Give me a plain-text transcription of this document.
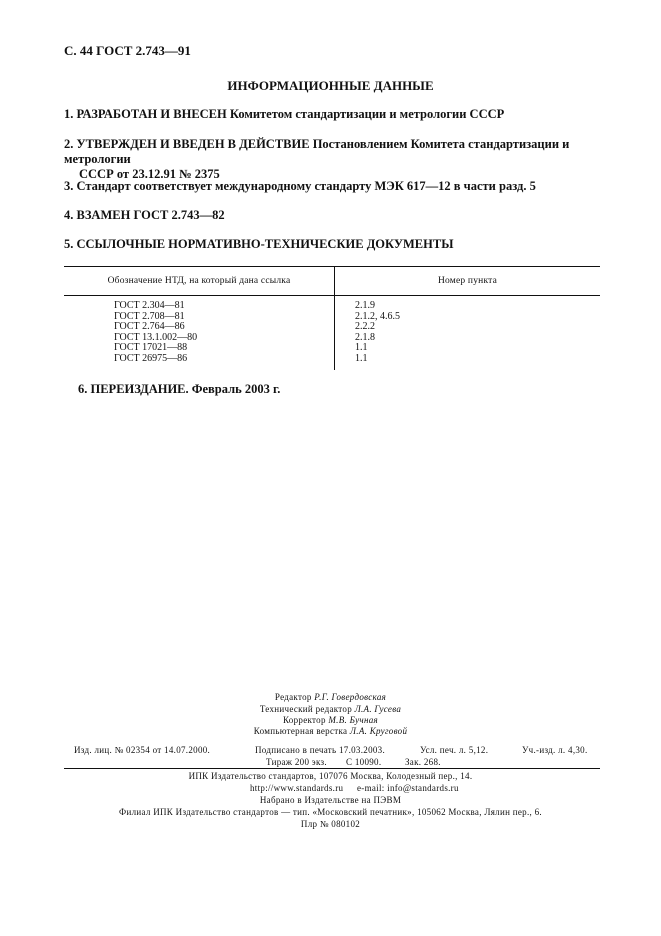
С. 44 ГОСТ 2.743—91
ИНФОРМАЦИОННЫЕ ДАННЫЕ
1. РАЗРАБОТАН И ВНЕСЕН Комитетом стандартизации и метрологии СССР
2. УТВЕРЖДЕН И ВВЕДЕН В ДЕЙСТВИЕ Постановлением Комитета стандартизации и метрологии
СССР от 23.12.91 № 2375
3. Стандарт соответствует международному стандарту МЭК 617—12 в части разд. 5
4. ВЗАМЕН ГОСТ 2.743—82
5. ССЫЛОЧНЫЕ НОРМАТИВНО-ТЕХНИЧЕСКИЕ ДОКУМЕНТЫ
Обозначение НТД, на который дана ссылка	Номер пункта
ГОСТ 2.304—81	2.1.9
ГОСТ 2.708—81	2.1.2, 4.6.5
ГОСТ 2.764—86	2.2.2
ГОСТ 13.1.002—80	2.1.8
ГОСТ 17021—88	1.1
ГОСТ 26975—86	1.1
6. ПЕРЕИЗДАНИЕ. Февраль 2003 г.
Редактор Р.Г. Говердовская
Технический редактор Л.А. Гусева
Корректор М.В. Бучная
Компьютерная верстка Л.А. Круговой
Изд. лиц. № 02354 от 14.07.2000.	Подписано в печать 17.03.2003.	Усл. печ. л. 5,12.	Уч.-изд. л. 4,30.
Тираж 200 экз. С 10090.	Зак. 268.
ИПК Издательство стандартов, 107076 Москва, Колодезный пер., 14.
http://www.standards.ru e-mail: info@standards.ru
Набрано в Издательстве на ПЭВМ
Филиал ИПК Издательство стандартов — тип. «Московский печатник», 105062 Москва, Лялин пер., 6.
Плр № 080102
